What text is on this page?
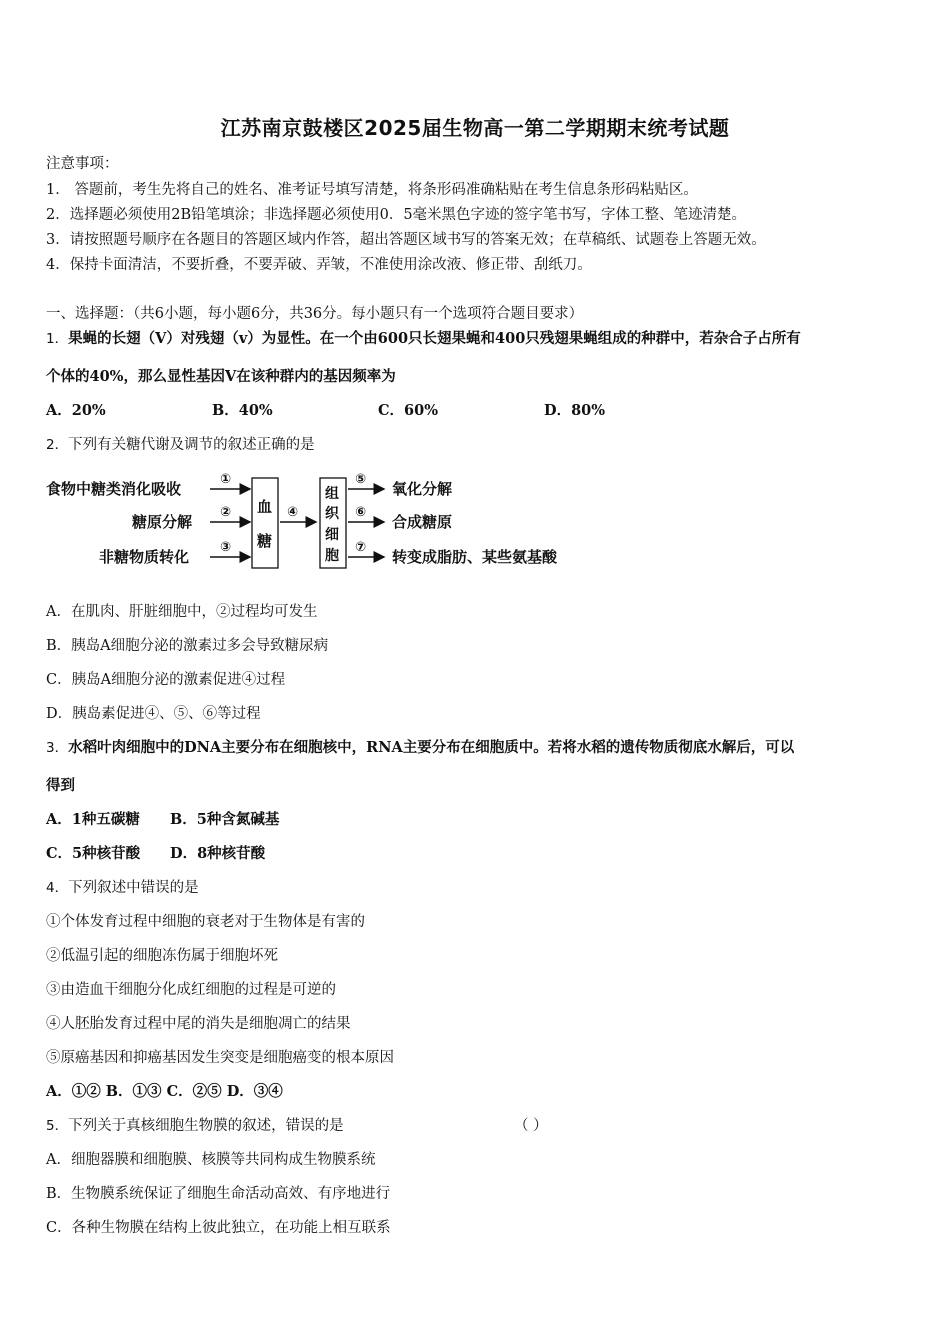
江苏南京鼓楼区2025届生物高一第二学期期末统考试题
注意事项：
1． 答题前，考生先将自己的姓名、准考证号填写清楚，将条形码准确粘贴在考生信息条形码粘贴区。
2．选择题必须使用2B铅笔填涂；非选择题必须使用0．5毫米黑色字迹的签字笔书写，字体工整、笔迹清楚。
3．请按照题号顺序在各题目的答题区域内作答，超出答题区域书写的答案无效；在草稿纸、试题卷上答题无效。
4．保持卡面清洁，不要折叠，不要弄破、弄皱，不准使用涂改液、修正带、刮纸刀。
一、选择题：（共6小题，每小题6分，共36分。每小题只有一个选项符合题目要求）
1．果蝇的长翅（V）对残翅（v）为显性。在一个由600只长翅果蝇和400只残翅果蝇组成的种群中，若杂合子占所有
个体的40%，那么显性基因V在该种群内的基因频率为
A．20%	B．40%	C．60%	D．80%
2．下列有关糖代谢及调节的叙述正确的是
食物中糖类消化吸收
糖原分解
非糖物质转化
①
②
③
血
糖
④
组
织
细
胞
⑤
⑥
⑦
氧化分解
合成糖原
转变成脂肪、某些氨基酸
A．在肌肉、肝脏细胞中，②过程均可发生
B．胰岛A细胞分泌的激素过多会导致糖尿病
C．胰岛A细胞分泌的激素促进④过程
D．胰岛素促进④、⑤、⑥等过程
3．水稻叶肉细胞中的DNA主要分布在细胞核中，RNA主要分布在细胞质中。若将水稻的遗传物质彻底水解后，可以
得到
A．1种五碳糖 B．5种含氮碱基
C．5种核苷酸 D．8种核苷酸
4．下列叙述中错误的是
①个体发育过程中细胞的衰老对于生物体是有害的
②低温引起的细胞冻伤属于细胞坏死
③由造血干细胞分化成红细胞的过程是可逆的
④人胚胎发育过程中尾的消失是细胞凋亡的结果
⑤原癌基因和抑癌基因发生突变是细胞癌变的根本原因
A．①② B．①③ C．②⑤ D．③④
5．下列关于真核细胞生物膜的叙述，错误的是	（ ）
A．细胞器膜和细胞膜、核膜等共同构成生物膜系统
B．生物膜系统保证了细胞生命活动高效、有序地进行
C．各种生物膜在结构上彼此独立，在功能上相互联系
